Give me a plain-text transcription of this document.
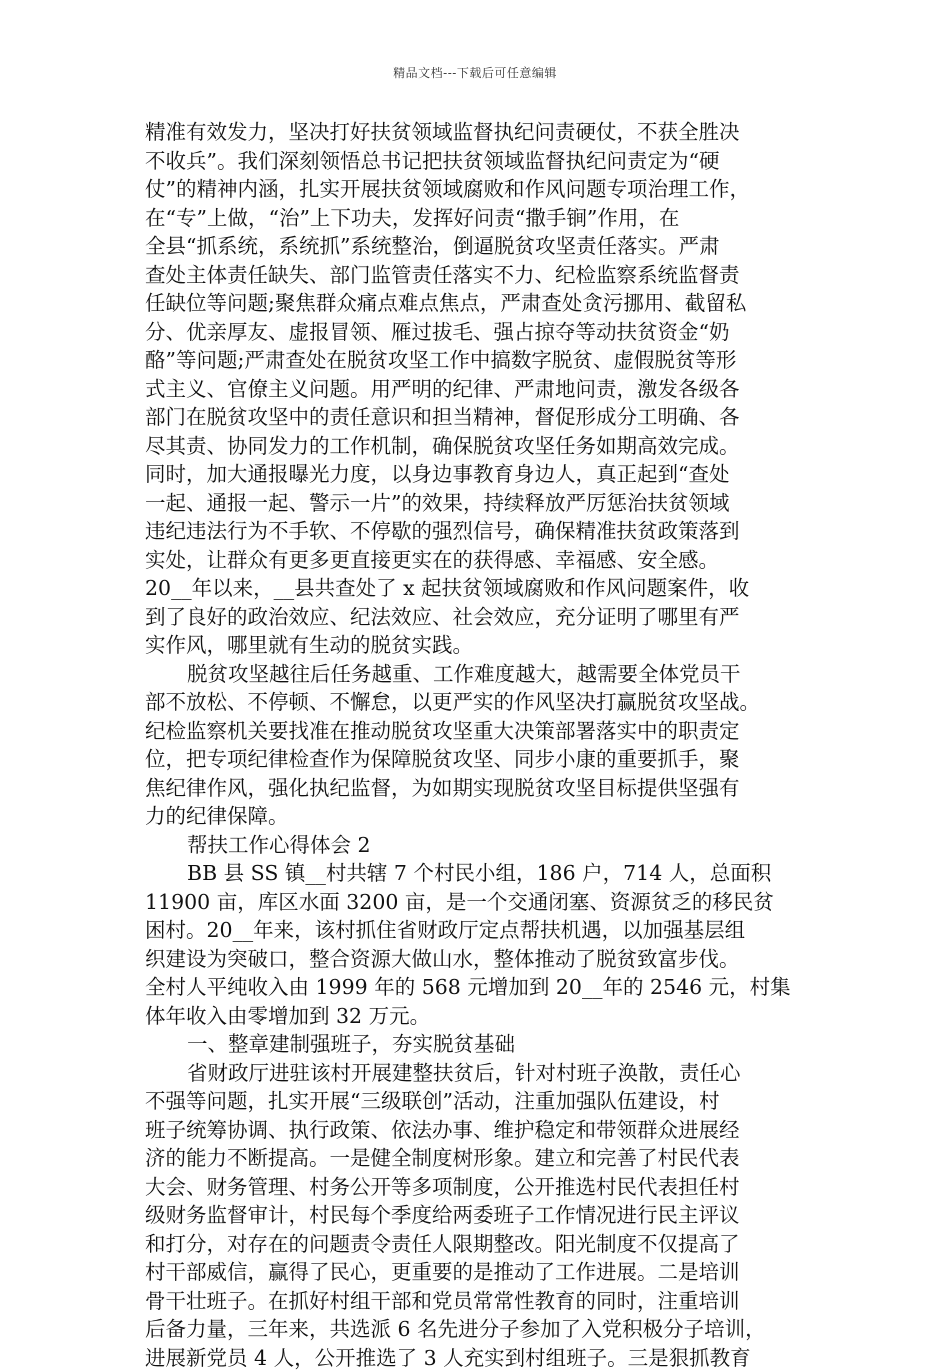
精品文档---下载后可任意编辑
精准有效发力，坚决打好扶贫领域监督执纪问责硬仗，不获全胜决
不收兵”。我们深刻领悟总书记把扶贫领域监督执纪问责定为“硬
仗”的精神内涵，扎实开展扶贫领域腐败和作风问题专项治理工作，
在“专”上做，“治”上下功夫，发挥好问责“撒手锏”作用，在
全县“抓系统，系统抓”系统整治，倒逼脱贫攻坚责任落实。严肃
查处主体责任缺失、部门监管责任落实不力、纪检监察系统监督责
任缺位等问题;聚焦群众痛点难点焦点，严肃查处贪污挪用、截留私
分、优亲厚友、虚报冒领、雁过拔毛、强占掠夺等动扶贫资金“奶
酪”等问题;严肃查处在脱贫攻坚工作中搞数字脱贫、虚假脱贫等形
式主义、官僚主义问题。用严明的纪律、严肃地问责，激发各级各
部门在脱贫攻坚中的责任意识和担当精神，督促形成分工明确、各
尽其责、协同发力的工作机制，确保脱贫攻坚任务如期高效完成。
同时，加大通报曝光力度，以身边事教育身边人，真正起到“查处
一起、通报一起、警示一片”的效果，持续释放严厉惩治扶贫领域
违纪违法行为不手软、不停歇的强烈信号，确保精准扶贫政策落到
实处，让群众有更多更直接更实在的获得感、幸福感、安全感。
20__年以来，__县共查处了 x 起扶贫领域腐败和作风问题案件，收
到了良好的政治效应、纪法效应、社会效应，充分证明了哪里有严
实作风，哪里就有生动的脱贫实践。
脱贫攻坚越往后任务越重、工作难度越大，越需要全体党员干
部不放松、不停顿、不懈怠，以更严实的作风坚决打赢脱贫攻坚战。
纪检监察机关要找准在推动脱贫攻坚重大决策部署落实中的职责定
位，把专项纪律检查作为保障脱贫攻坚、同步小康的重要抓手，聚
焦纪律作风，强化执纪监督，为如期实现脱贫攻坚目标提供坚强有
力的纪律保障。
帮扶工作心得体会 2
BB 县 SS 镇__村共辖 7 个村民小组，186 户，714 人，总面积
11900 亩，库区水面 3200 亩，是一个交通闭塞、资源贫乏的移民贫
困村。20__年来，该村抓住省财政厅定点帮扶机遇，以加强基层组
织建设为突破口，整合资源大做山水，整体推动了脱贫致富步伐。
全村人平纯收入由 1999 年的 568 元增加到 20__年的 2546 元，村集
体年收入由零增加到 32 万元。
一、整章建制强班子，夯实脱贫基础
省财政厅进驻该村开展建整扶贫后，针对村班子涣散，责任心
不强等问题，扎实开展“三级联创”活动，注重加强队伍建设，村
班子统筹协调、执行政策、依法办事、维护稳定和带领群众进展经
济的能力不断提高。一是健全制度树形象。建立和完善了村民代表
大会、财务管理、村务公开等多项制度，公开推选村民代表担任村
级财务监督审计，村民每个季度给两委班子工作情况进行民主评议
和打分，对存在的问题责令责任人限期整改。阳光制度不仅提高了
村干部威信，赢得了民心，更重要的是推动了工作进展。二是培训
骨干壮班子。在抓好村组干部和党员常常性教育的同时，注重培训
后备力量，三年来，共选派 6 名先进分子参加了入党积极分子培训，
进展新党员 4 人，公开推选了 3 人充实到村组班子。三是狠抓教育
